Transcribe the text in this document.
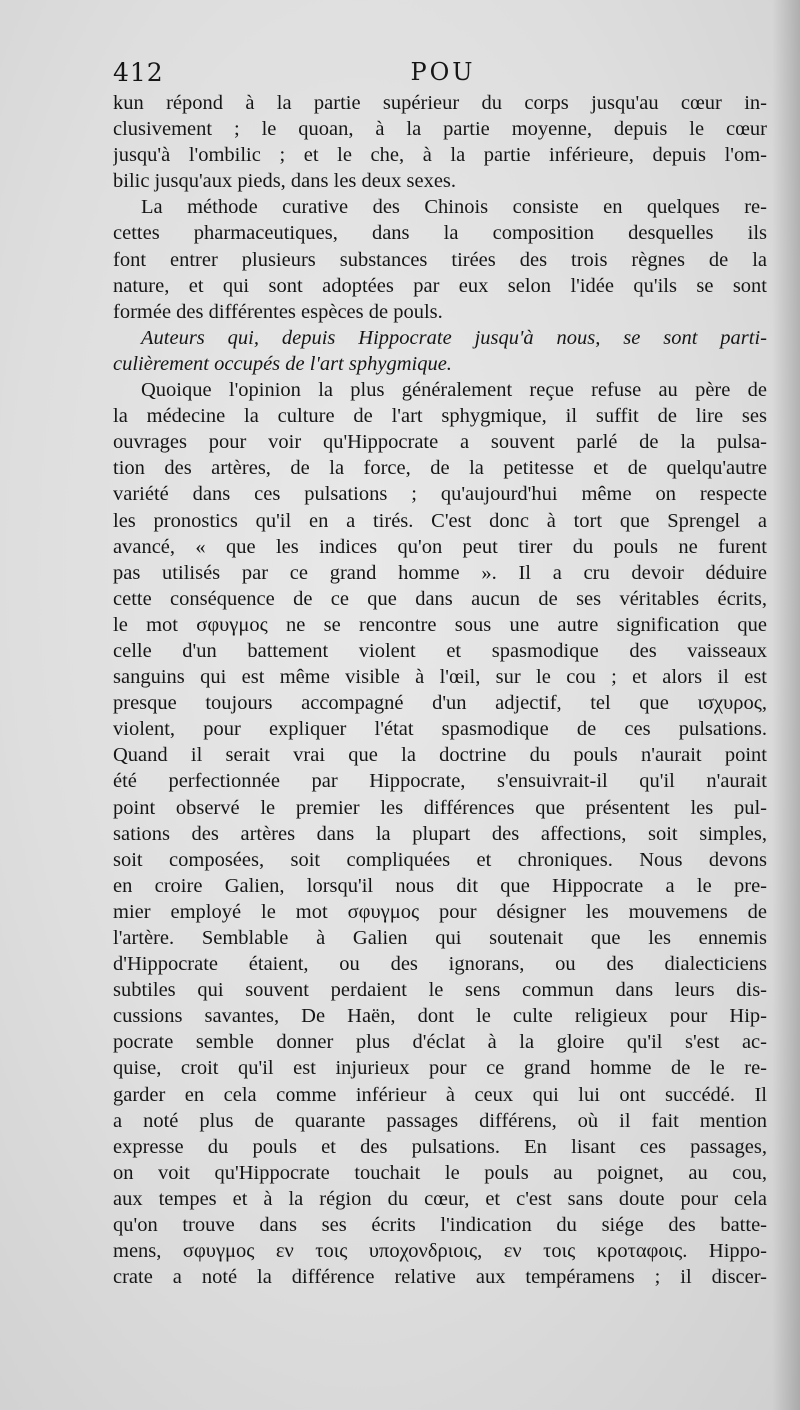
412	POU
kun répond à la partie supérieur du corps jusqu'au cœur in-
clusivement ; le quoan, à la partie moyenne, depuis le cœur
jusqu'à l'ombilic ; et le che, à la partie inférieure, depuis l'om-
bilic jusqu'aux pieds, dans les deux sexes.
La méthode curative des Chinois consiste en quelques re-
cettes pharmaceutiques, dans la composition desquelles ils
font entrer plusieurs substances tirées des trois règnes de la
nature, et qui sont adoptées par eux selon l'idée qu'ils se sont
formée des différentes espèces de pouls.
Auteurs qui, depuis Hippocrate jusqu'à nous, se sont parti-
culièrement occupés de l'art sphygmique.
Quoique l'opinion la plus généralement reçue refuse au père de
la médecine la culture de l'art sphygmique, il suffit de lire ses
ouvrages pour voir qu'Hippocrate a souvent parlé de la pulsa-
tion des artères, de la force, de la petitesse et de quelqu'autre
variété dans ces pulsations ; qu'aujourd'hui même on respecte
les pronostics qu'il en a tirés. C'est donc à tort que Sprengel a
avancé, « que les indices qu'on peut tirer du pouls ne furent
pas utilisés par ce grand homme ». Il a cru devoir déduire
cette conséquence de ce que dans aucun de ses véritables écrits,
le mot σφυγμος ne se rencontre sous une autre signification que
celle d'un battement violent et spasmodique des vaisseaux
sanguins qui est même visible à l'œil, sur le cou ; et alors il est
presque toujours accompagné d'un adjectif, tel que ισχυρος,
violent, pour expliquer l'état spasmodique de ces pulsations.
Quand il serait vrai que la doctrine du pouls n'aurait point
été perfectionnée par Hippocrate, s'ensuivrait-il qu'il n'aurait
point observé le premier les différences que présentent les pul-
sations des artères dans la plupart des affections, soit simples,
soit composées, soit compliquées et chroniques. Nous devons
en croire Galien, lorsqu'il nous dit que Hippocrate a le pre-
mier employé le mot σφυγμος pour désigner les mouvemens de
l'artère. Semblable à Galien qui soutenait que les ennemis
d'Hippocrate étaient, ou des ignorans, ou des dialecticiens
subtiles qui souvent perdaient le sens commun dans leurs dis-
cussions savantes, De Haën, dont le culte religieux pour Hip-
pocrate semble donner plus d'éclat à la gloire qu'il s'est ac-
quise, croit qu'il est injurieux pour ce grand homme de le re-
garder en cela comme inférieur à ceux qui lui ont succédé. Il
a noté plus de quarante passages différens, où il fait mention
expresse du pouls et des pulsations. En lisant ces passages,
on voit qu'Hippocrate touchait le pouls au poignet, au cou,
aux tempes et à la région du cœur, et c'est sans doute pour cela
qu'on trouve dans ses écrits l'indication du siége des batte-
mens, σφυγμος εν τοις υποχονδριοις, εν τοις κροταφοις. Hippo-
crate a noté la différence relative aux tempéramens ; il discer-
